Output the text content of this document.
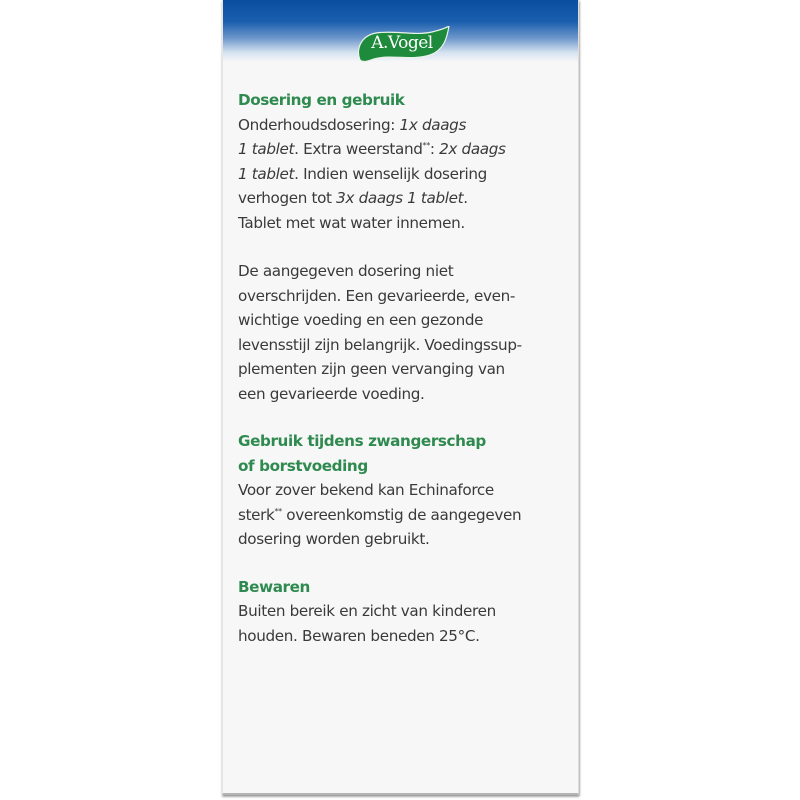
A.Vogel
Dosering en gebruik
Onderhoudsdosering: 1x daags
1 tablet. Extra weerstand**: 2x daags
1 tablet. Indien wenselijk dosering
verhogen tot 3x daags 1 tablet.
Tablet met wat water innemen.
De aangegeven dosering niet
overschrijden. Een gevarieerde, even-
wichtige voeding en een gezonde
levensstijl zijn belangrijk. Voedingssup-
plementen zijn geen vervanging van
een gevarieerde voeding.
Gebruik tijdens zwangerschap
of borstvoeding
Voor zover bekend kan Echinaforce
sterk** overeenkomstig de aangegeven
dosering worden gebruikt.
Bewaren
Buiten bereik en zicht van kinderen
houden. Bewaren beneden 25°C.
